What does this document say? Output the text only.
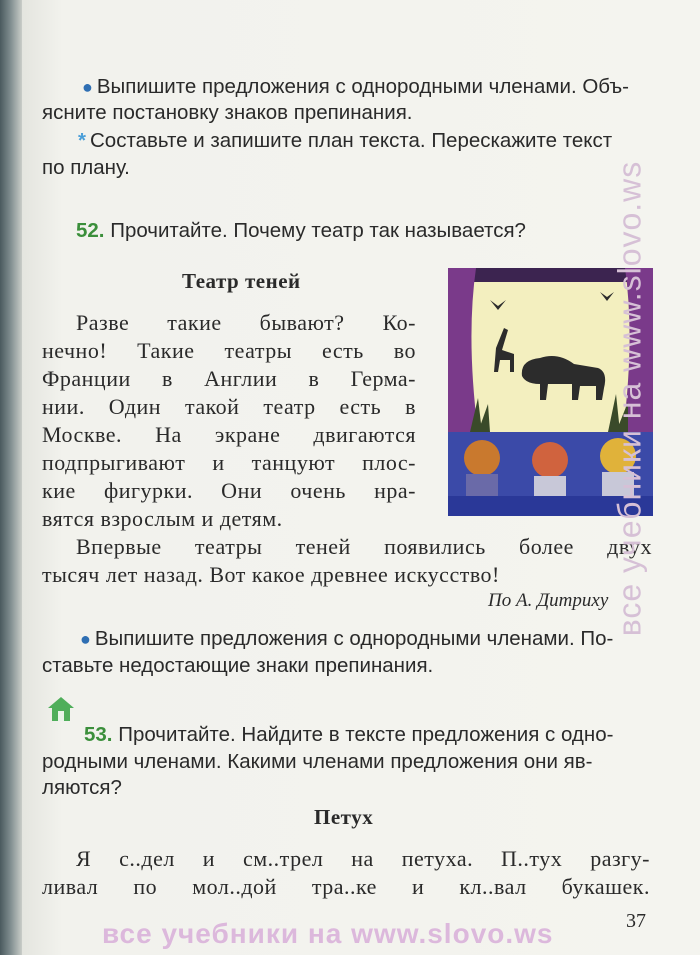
● Выпишите предложения с однородными членами. Объ-
ясните постановку знаков препинания.
* Составьте и запишите план текста. Перескажите текст
по плану.
52. Прочитайте. Почему театр так называется?
Театр теней
Разве такие бывают? Ко-
нечно! Такие театры есть во
Франции в Англии в Герма-
нии. Один такой театр есть в
Москве. На экране двигаются
подпрыгивают и танцуют плос-
кие фигурки. Они очень нра-
вятся взрослым и детям.
Впервые театры теней появились более двух
тысяч лет назад. Вот какое древнее искусство!
По А. Дитриху
● Выпишите предложения с однородными членами. По-
ставьте недостающие знаки препинания.
53. Прочитайте. Найдите в тексте предложения с одно-
родными членами. Какими членами предложения они яв-
ляются?
Петух
Я с..дел и см..трел на петуха. П..тух разгу-
ливал по мол..дой тра..ке и кл..вал букашек.
37
все учебники на www.slovo.ws
все учебники на www.slovo.ws
